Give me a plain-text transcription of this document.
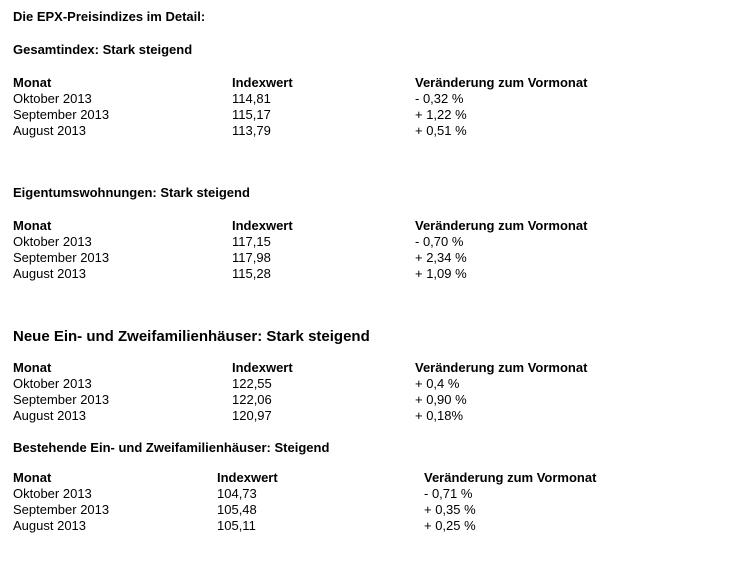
Die EPX-Preisindizes im Detail:
Gesamtindex: Stark steigend
Monat	Indexwert	Veränderung zum Vormonat
Oktober 2013	114,81	- 0,32 %
September 2013	115,17	+ 1,22 %
August 2013	113,79	+ 0,51 %
Eigentumswohnungen: Stark steigend
Monat	Indexwert	Veränderung zum Vormonat
Oktober 2013	117,15	- 0,70 %
September 2013	117,98	+ 2,34 %
August 2013	115,28	+ 1,09 %
Neue Ein- und Zweifamilienhäuser: Stark steigend
Monat	Indexwert	Veränderung zum Vormonat
Oktober 2013	122,55	+ 0,4 %
September 2013	122,06	+ 0,90 %
August 2013	120,97	+ 0,18%
Bestehende Ein- und Zweifamilienhäuser: Steigend
Monat	Indexwert	Veränderung zum Vormonat
Oktober 2013	104,73	- 0,71 %
September 2013	105,48	+ 0,35 %
August 2013	105,11	+ 0,25 %
